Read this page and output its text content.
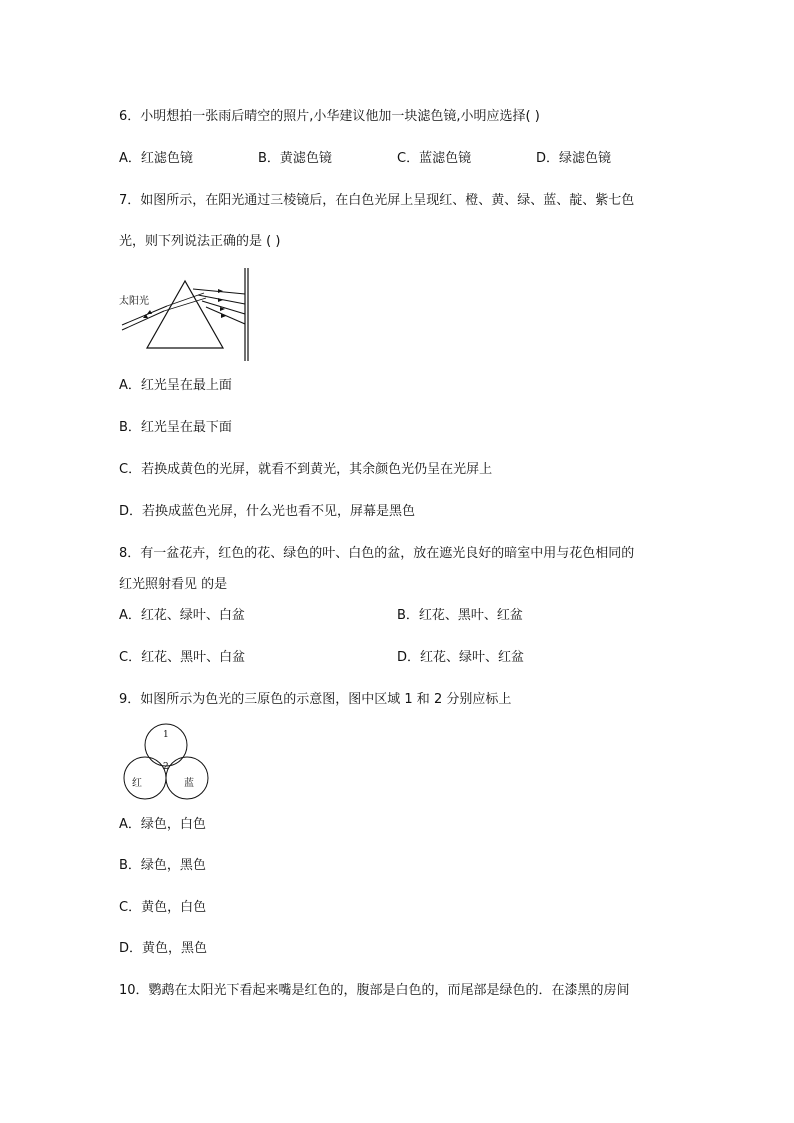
6．小明想拍一张雨后晴空的照片,小华建议他加一块滤色镜,小明应选择( )
A．红滤色镜	B．黄滤色镜	C．蓝滤色镜	D．绿滤色镜
7．如图所示，在阳光通过三棱镜后，在白色光屏上呈现红、橙、黄、绿、蓝、靛、紫七色
光，则下列说法正确的是 ( )
太阳光
A．红光呈在最上面
B．红光呈在最下面
C．若换成黄色的光屏，就看不到黄光，其余颜色光仍呈在光屏上
D．若换成蓝色光屏，什么光也看不见，屏幕是黑色
8．有一盆花卉，红色的花、绿色的叶、白色的盆，放在遮光良好的暗室中用与花色相同的
红光照射看见 的是
A．红花、绿叶、白盆	B．红花、黑叶、红盆
C．红花、黑叶、白盆	D．红花、绿叶、红盆
9．如图所示为色光的三原色的示意图，图中区域 1 和 2 分别应标上
1
2
红	蓝
A．绿色，白色
B．绿色，黑色
C．黄色，白色
D．黄色，黑色
10．鹦鹉在太阳光下看起来嘴是红色的，腹部是白色的，而尾部是绿色的．在漆黑的房间
